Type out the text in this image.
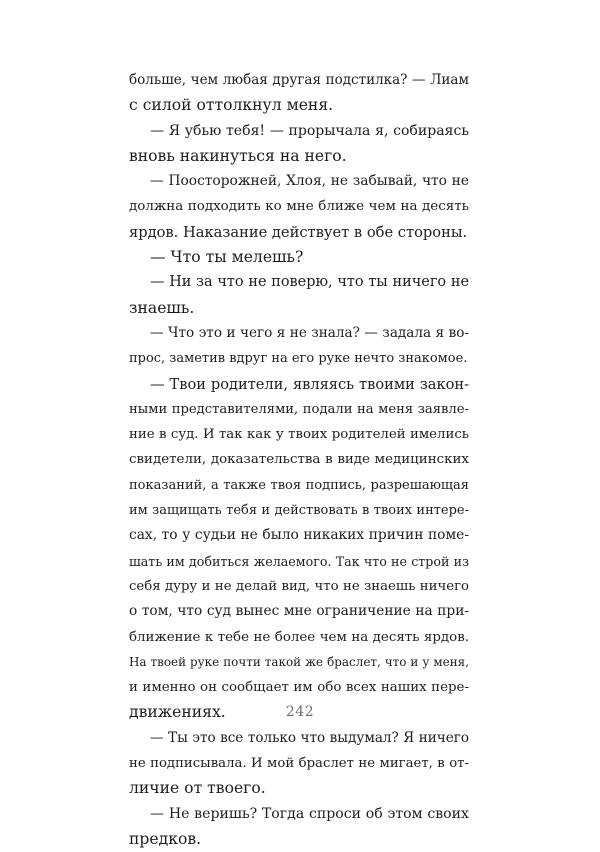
больше, чем любая другая подстилка? — Лиам
с силой оттолкнул меня.
— Я убью тебя! — прорычала я, собираясь
вновь накинуться на него.
— Поосторожней, Хлоя, не забывай, что не
должна подходить ко мне ближе чем на десять
ярдов. Наказание действует в обе стороны.
— Что ты мелешь?
— Ни за что не поверю, что ты ничего не
знаешь.
— Что это и чего я не знала? — задала я во-
прос, заметив вдруг на его руке нечто знакомое.
— Твои родители, являясь твоими закон-
ными представителями, подали на меня заявле-
ние в суд. И так как у твоих родителей имелись
свидетели, доказательства в виде медицинских
показаний, а также твоя подпись, разрешающая
им защищать тебя и действовать в твоих интере-
сах, то у судьи не было никаких причин поме-
шать им добиться желаемого. Так что не строй из
себя дуру и не делай вид, что не знаешь ничего
о том, что суд вынес мне ограничение на при-
ближение к тебе не более чем на десять ярдов.
На твоей руке почти такой же браслет, что и у меня,
и именно он сообщает им обо всех наших пере-
движениях.
— Ты это все только что выдумал? Я ничего
не подписывала. И мой браслет не мигает, в от-
личие от твоего.
— Не веришь? Тогда спроси об этом своих
предков.
242
